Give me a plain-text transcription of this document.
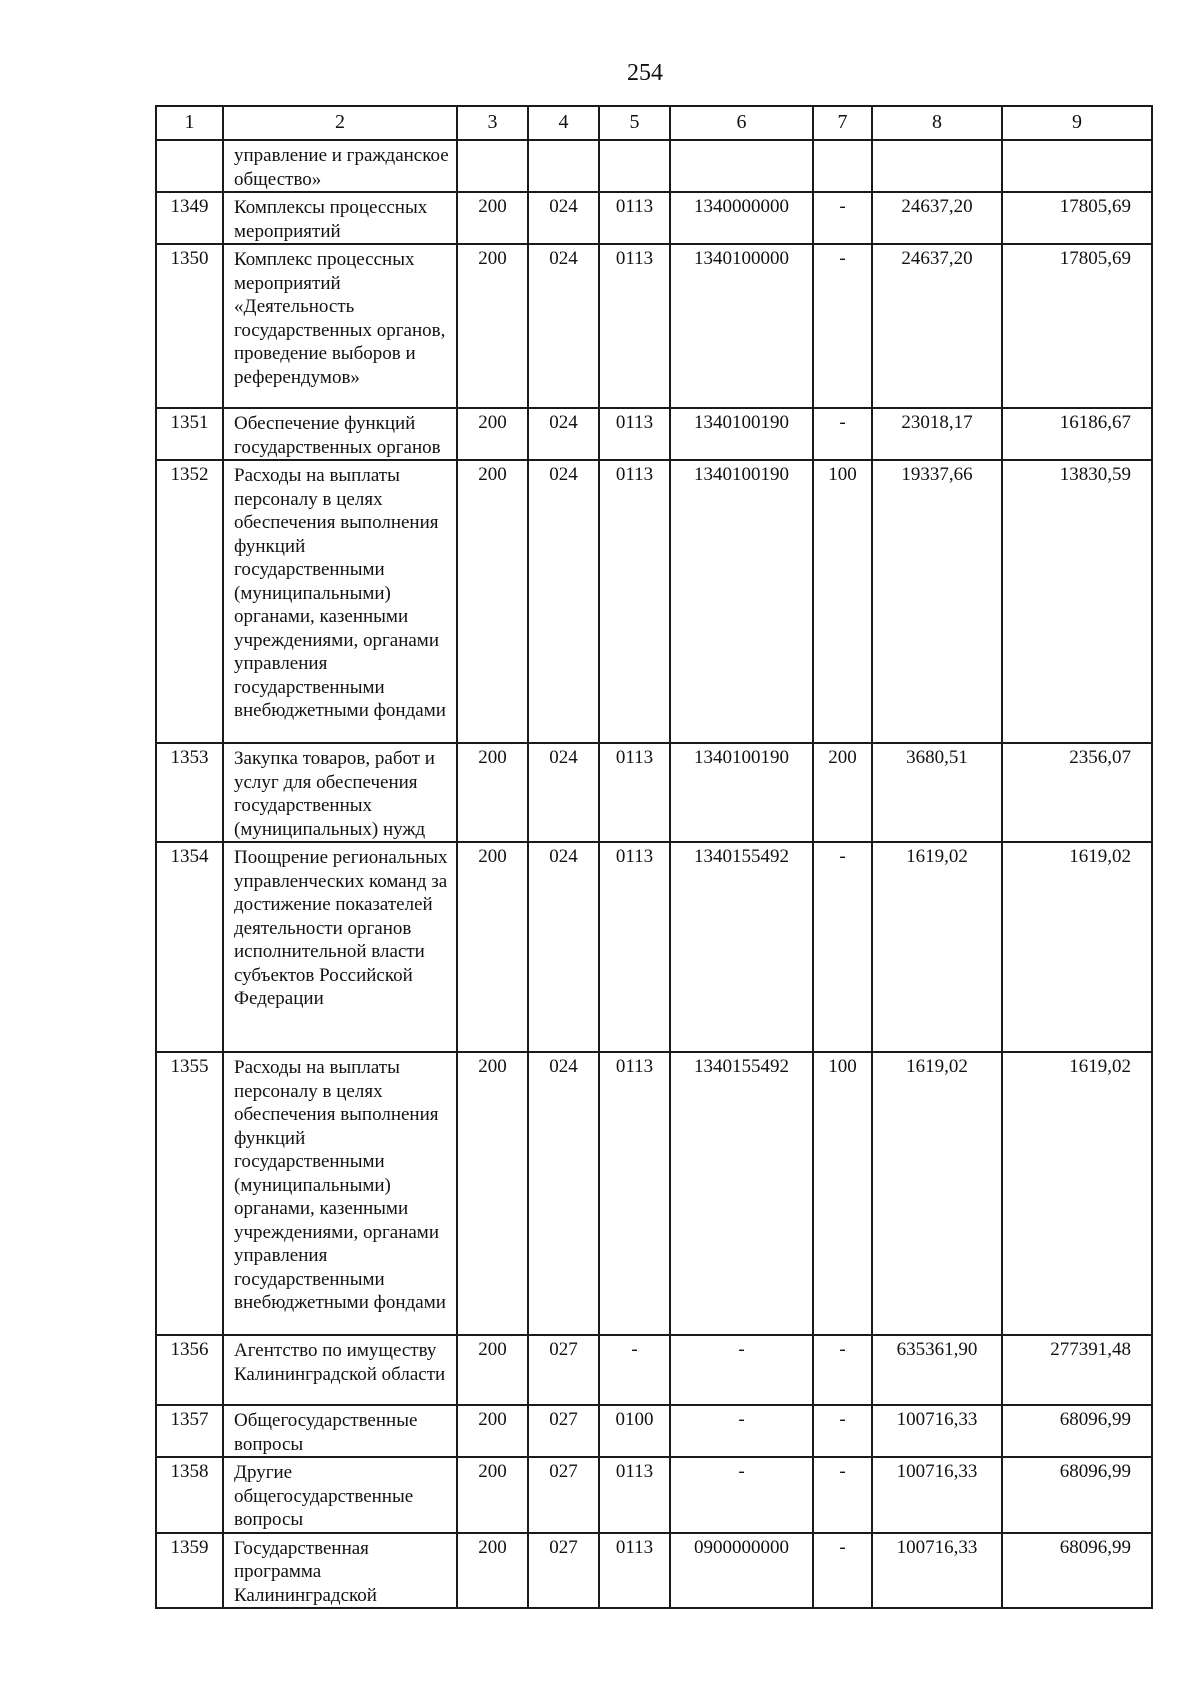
254
1	2	3	4	5	6	7	8	9
	управление и гражданское общество»							
1349	Комплексы процессных мероприятий	200	024	0113	1340000000	-	24637,20	17805,69
1350	Комплекс процессных мероприятий «Деятельность государственных органов, проведение выборов и референдумов»	200	024	0113	1340100000	-	24637,20	17805,69
1351	Обеспечение функций государственных органов	200	024	0113	1340100190	-	23018,17	16186,67
1352	Расходы на выплаты персоналу в целях обеспечения выполнения функций государственными (муниципальными) органами, казенными учреждениями, органами управления государственными внебюджетными фондами	200	024	0113	1340100190	100	19337,66	13830,59
1353	Закупка товаров, работ и услуг для обеспечения государственных (муниципальных) нужд	200	024	0113	1340100190	200	3680,51	2356,07
1354	Поощрение региональных управленческих команд за достижение показателей деятельности органов исполнительной власти субъектов Российской Федерации	200	024	0113	1340155492	-	1619,02	1619,02
1355	Расходы на выплаты персоналу в целях обеспечения выполнения функций государственными (муниципальными) органами, казенными учреждениями, органами управления государственными внебюджетными фондами	200	024	0113	1340155492	100	1619,02	1619,02
1356	Агентство по имуществу Калининградской области	200	027	-	-	-	635361,90	277391,48
1357	Общегосударственные вопросы	200	027	0100	-	-	100716,33	68096,99
1358	Другие общегосударственные вопросы	200	027	0113	-	-	100716,33	68096,99
1359	Государственная программа Калининградской	200	027	0113	0900000000	-	100716,33	68096,99
